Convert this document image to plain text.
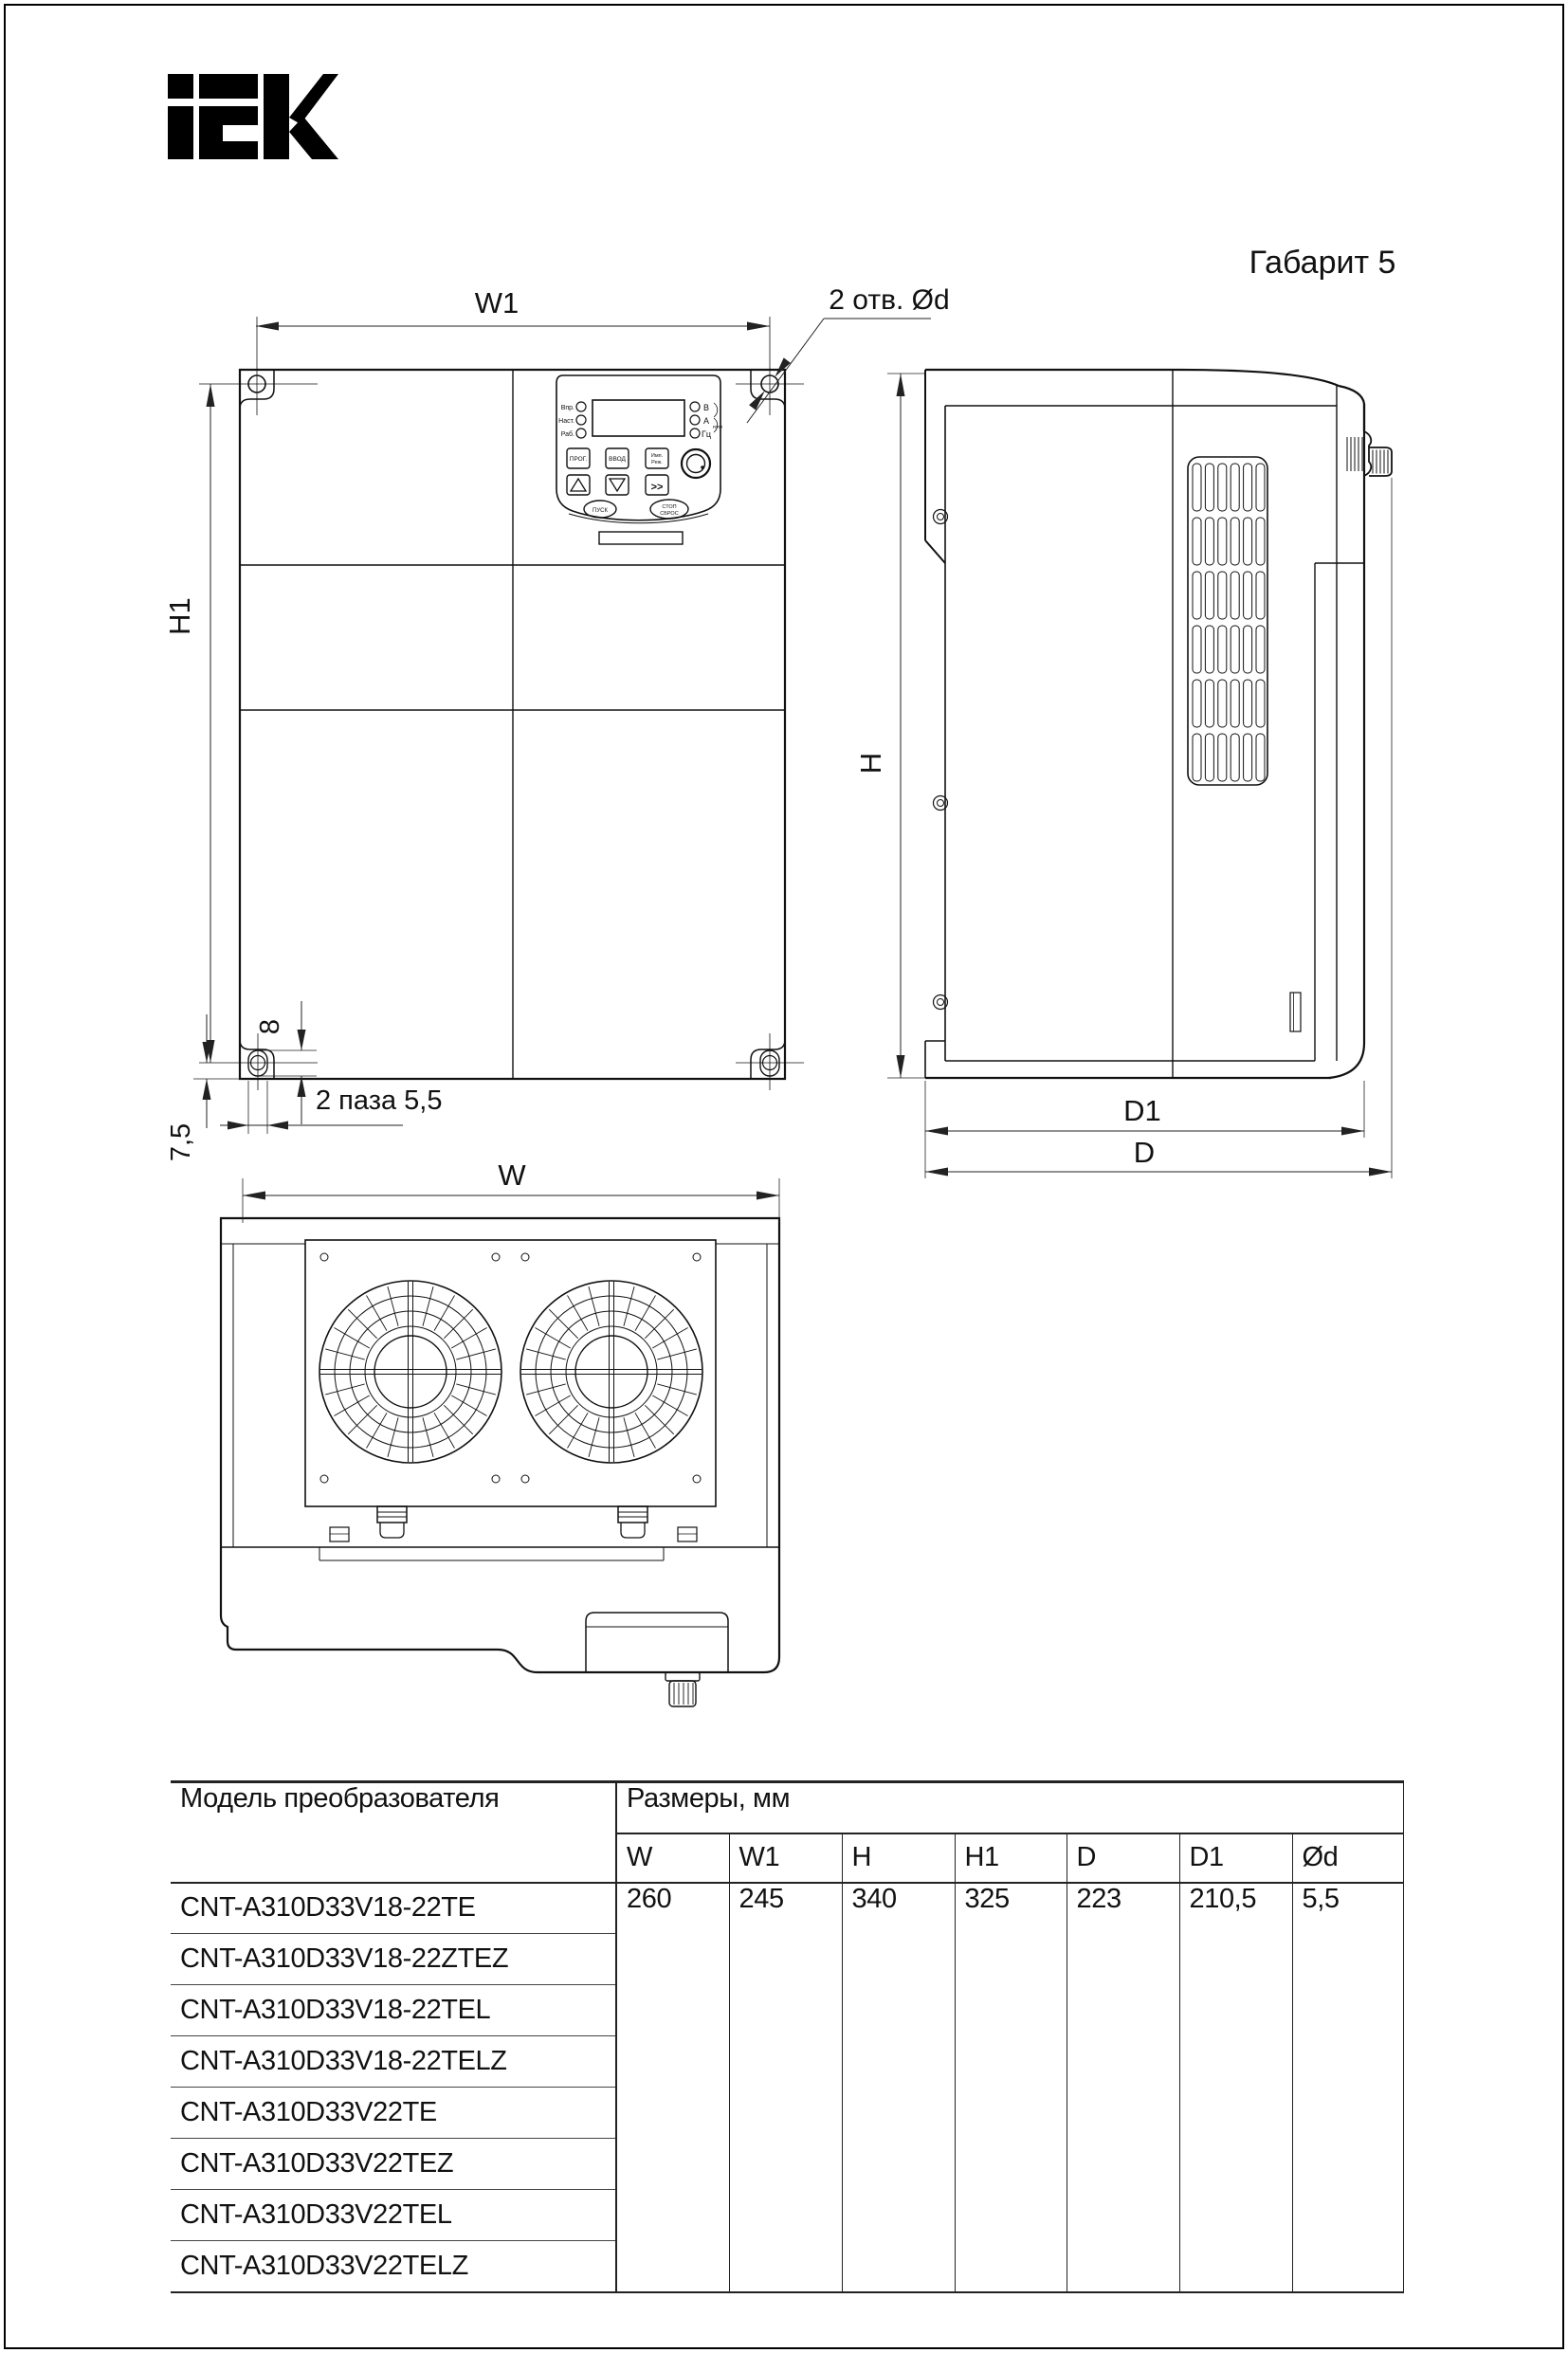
Габарит 5
Впр.
Наст.
Раб.
В
А
Гц
RPM
ПРОГ.	ВВОД	Имп.
Реж.
>>
ПУСК
СТОП
СБРОС
W1
H1
2 отв. Ød
8
7,5
2 паза 5,5
H
D1
D
W
Модель преобразователя	Размеры, мм						
	W	W1	H	H1	D	D1	Ød
CNT-A310D33V18-22TE	260	245	340	325	223	210,5	5,5
CNT-A310D33V18-22ZTEZ							
CNT-A310D33V18-22TEL							
CNT-A310D33V18-22TELZ							
CNT-A310D33V22TE							
CNT-A310D33V22TEZ							
CNT-A310D33V22TEL							
CNT-A310D33V22TELZ							
